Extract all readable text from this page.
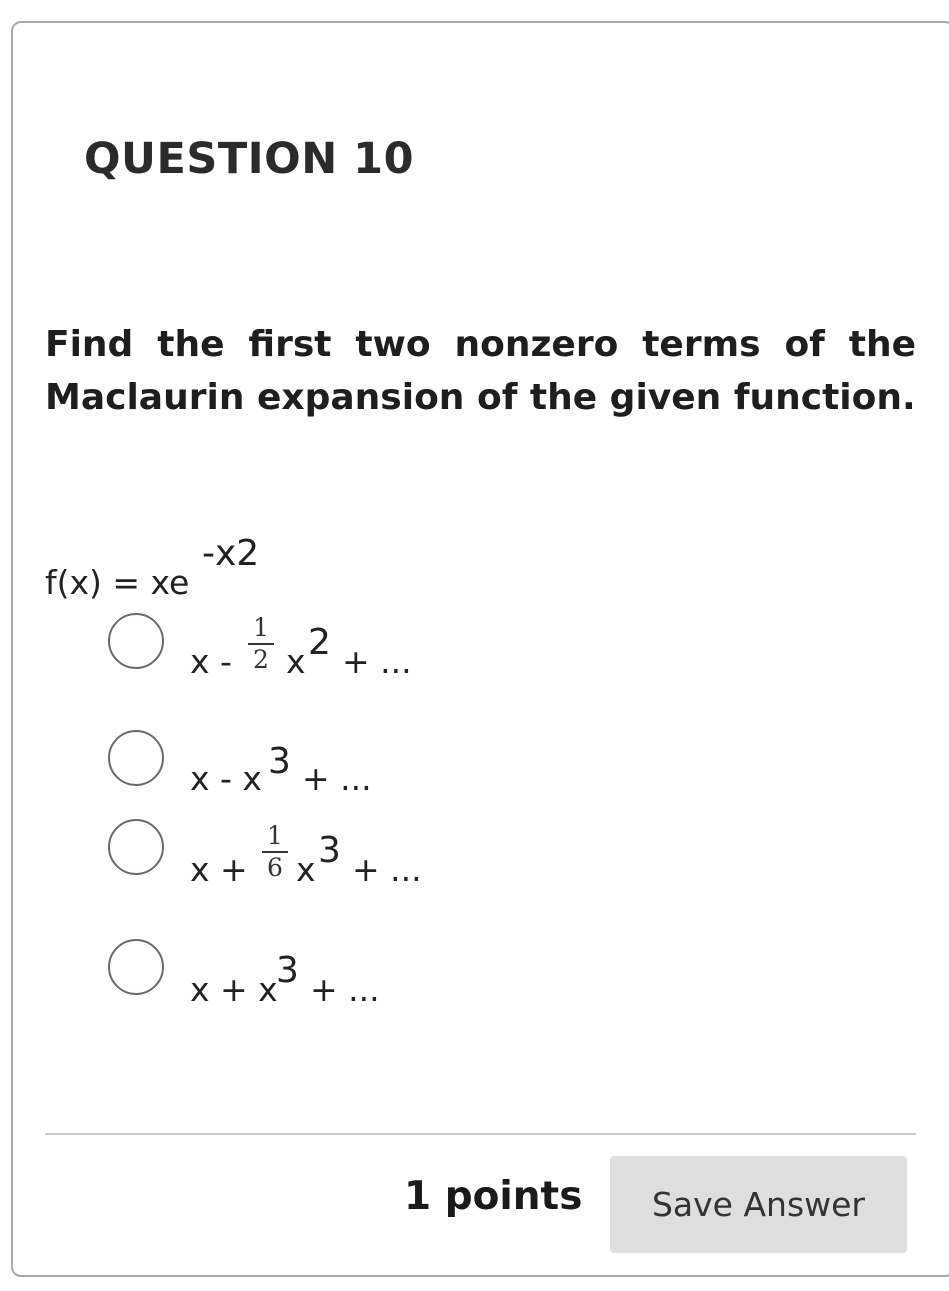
QUESTION 10
Find the first two nonzero terms of the Maclaurin expansion of the given function.
f(x) = xe
-x2
x -
1
2 x 2 + ...
x - x 3 + ...
x +
1
6 x 3 + ...
x + x
3 + ...
1 points	Save Answer
